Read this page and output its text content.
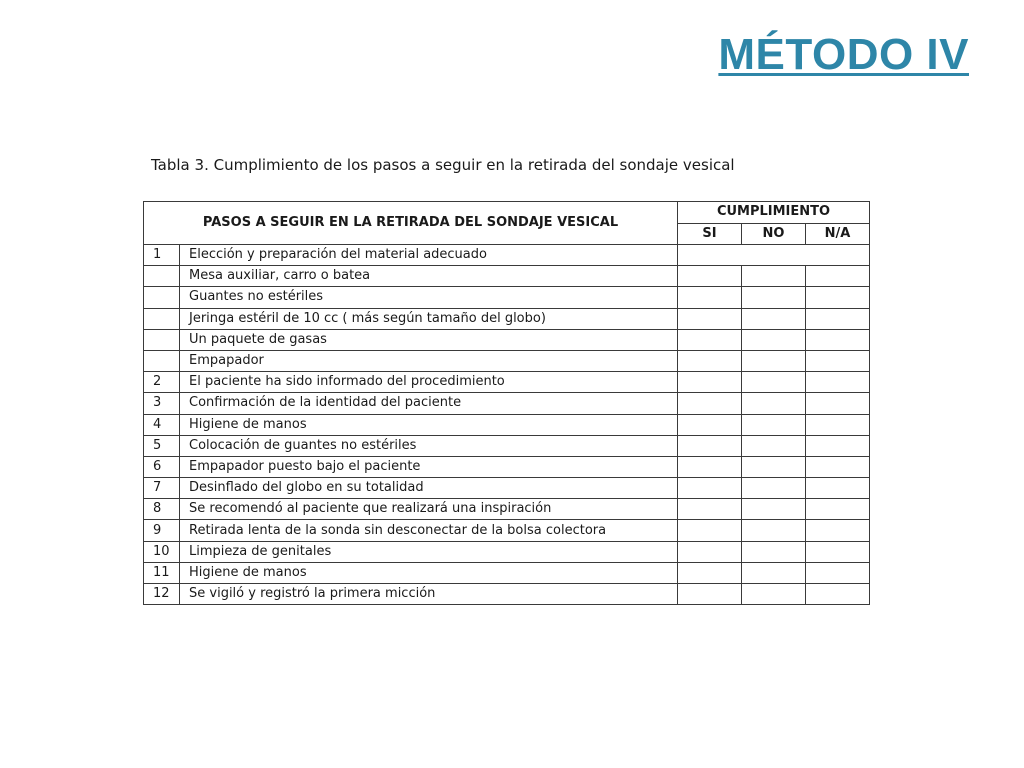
MÉTODO IV
Tabla 3. Cumplimiento de los pasos a seguir en la retirada del sondaje vesical
PASOS A SEGUIR EN LA RETIRADA DEL SONDAJE VESICAL		CUMPLIMIENTO		
		SI	NO	N/A
1	Elección y preparación del material adecuado			
	Mesa auxiliar, carro o batea			
	Guantes no estériles			
	Jeringa estéril de 10 cc ( más según tamaño del globo)			
	Un paquete de gasas			
	Empapador			
2	El paciente ha sido informado del procedimiento			
3	Confirmación de la identidad del paciente			
4	Higiene de manos			
5	Colocación de guantes no estériles			
6	Empapador puesto bajo el paciente			
7	Desinflado del globo en su totalidad			
8	Se recomendó al paciente que realizará una inspiración			
9	Retirada lenta de la sonda sin desconectar de la bolsa colectora			
10	Limpieza de genitales			
11	Higiene de manos			
12	Se vigiló y registró la primera micción			
